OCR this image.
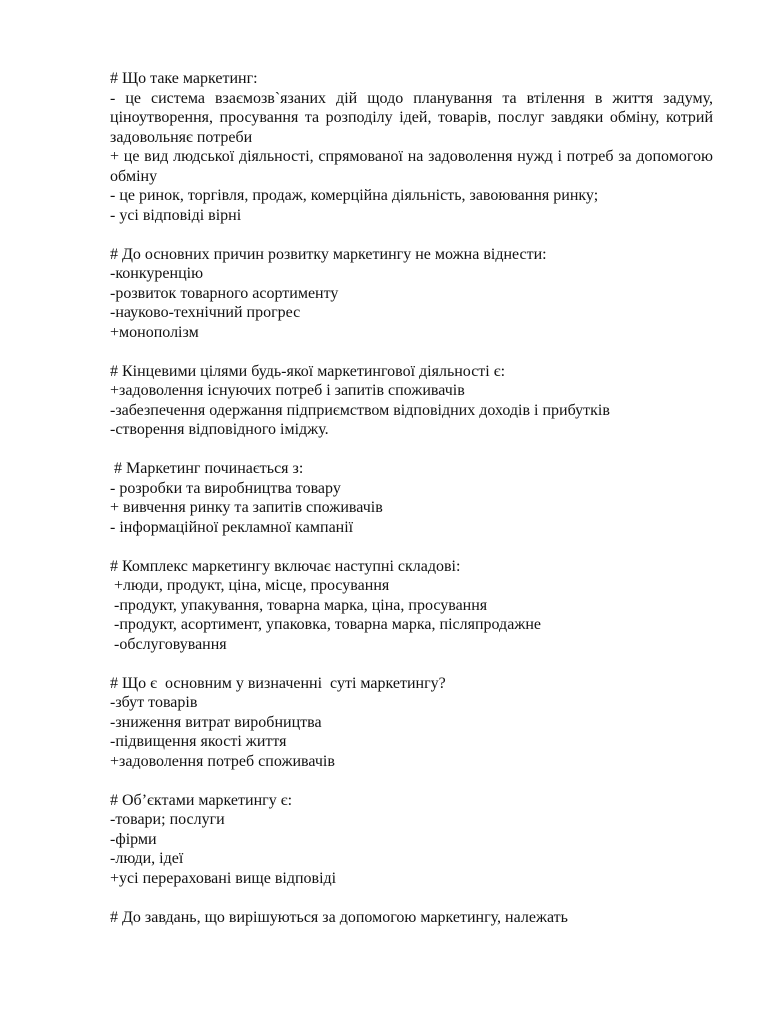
# Що таке маркетинг:
- це система взаємозв`язаних дій щодо планування та втілення в життя задуму, ціноутворення, просування та розподілу ідей, товарів, послуг завдяки обміну, котрий задовольняє потреби
+ це вид людської діяльності, спрямованої на задоволення нужд і потреб за допомогою обміну
- це ринок, торгівля, продаж, комерційна діяльність, завоювання ринку;
- усі відповіді вірні
# До основних причин розвитку маркетингу не можна віднести:
-конкуренцію
-розвиток товарного асортименту
-науково-технічний прогрес
+монополізм
# Кінцевими цілями будь-якої маркетингової діяльності є:
+задоволення існуючих потреб і запитів споживачів
-забезпечення одержання підприємством відповідних доходів і прибутків
-створення відповідного іміджу.
# Маркетинг починається з:
- розробки та виробництва товару
+ вивчення ринку та запитів споживачів
- інформаційної рекламної кампанії
# Комплекс маркетингу включає наступні складові:
+люди, продукт, ціна, місце, просування
-продукт, упакування, товарна марка, ціна, просування
-продукт, асортимент, упаковка, товарна марка, післяпродажне
-обслуговування
# Що є  основним у визначенні  суті маркетингу?
-збут товарів
-зниження витрат виробництва
-підвищення якості життя
+задоволення потреб споживачів
# Об’єктами маркетингу є:
-товари; послуги
-фірми
-люди, ідеї
+усі перераховані вище відповіді
# До завдань, що вирішуються за допомогою маркетингу, належать
